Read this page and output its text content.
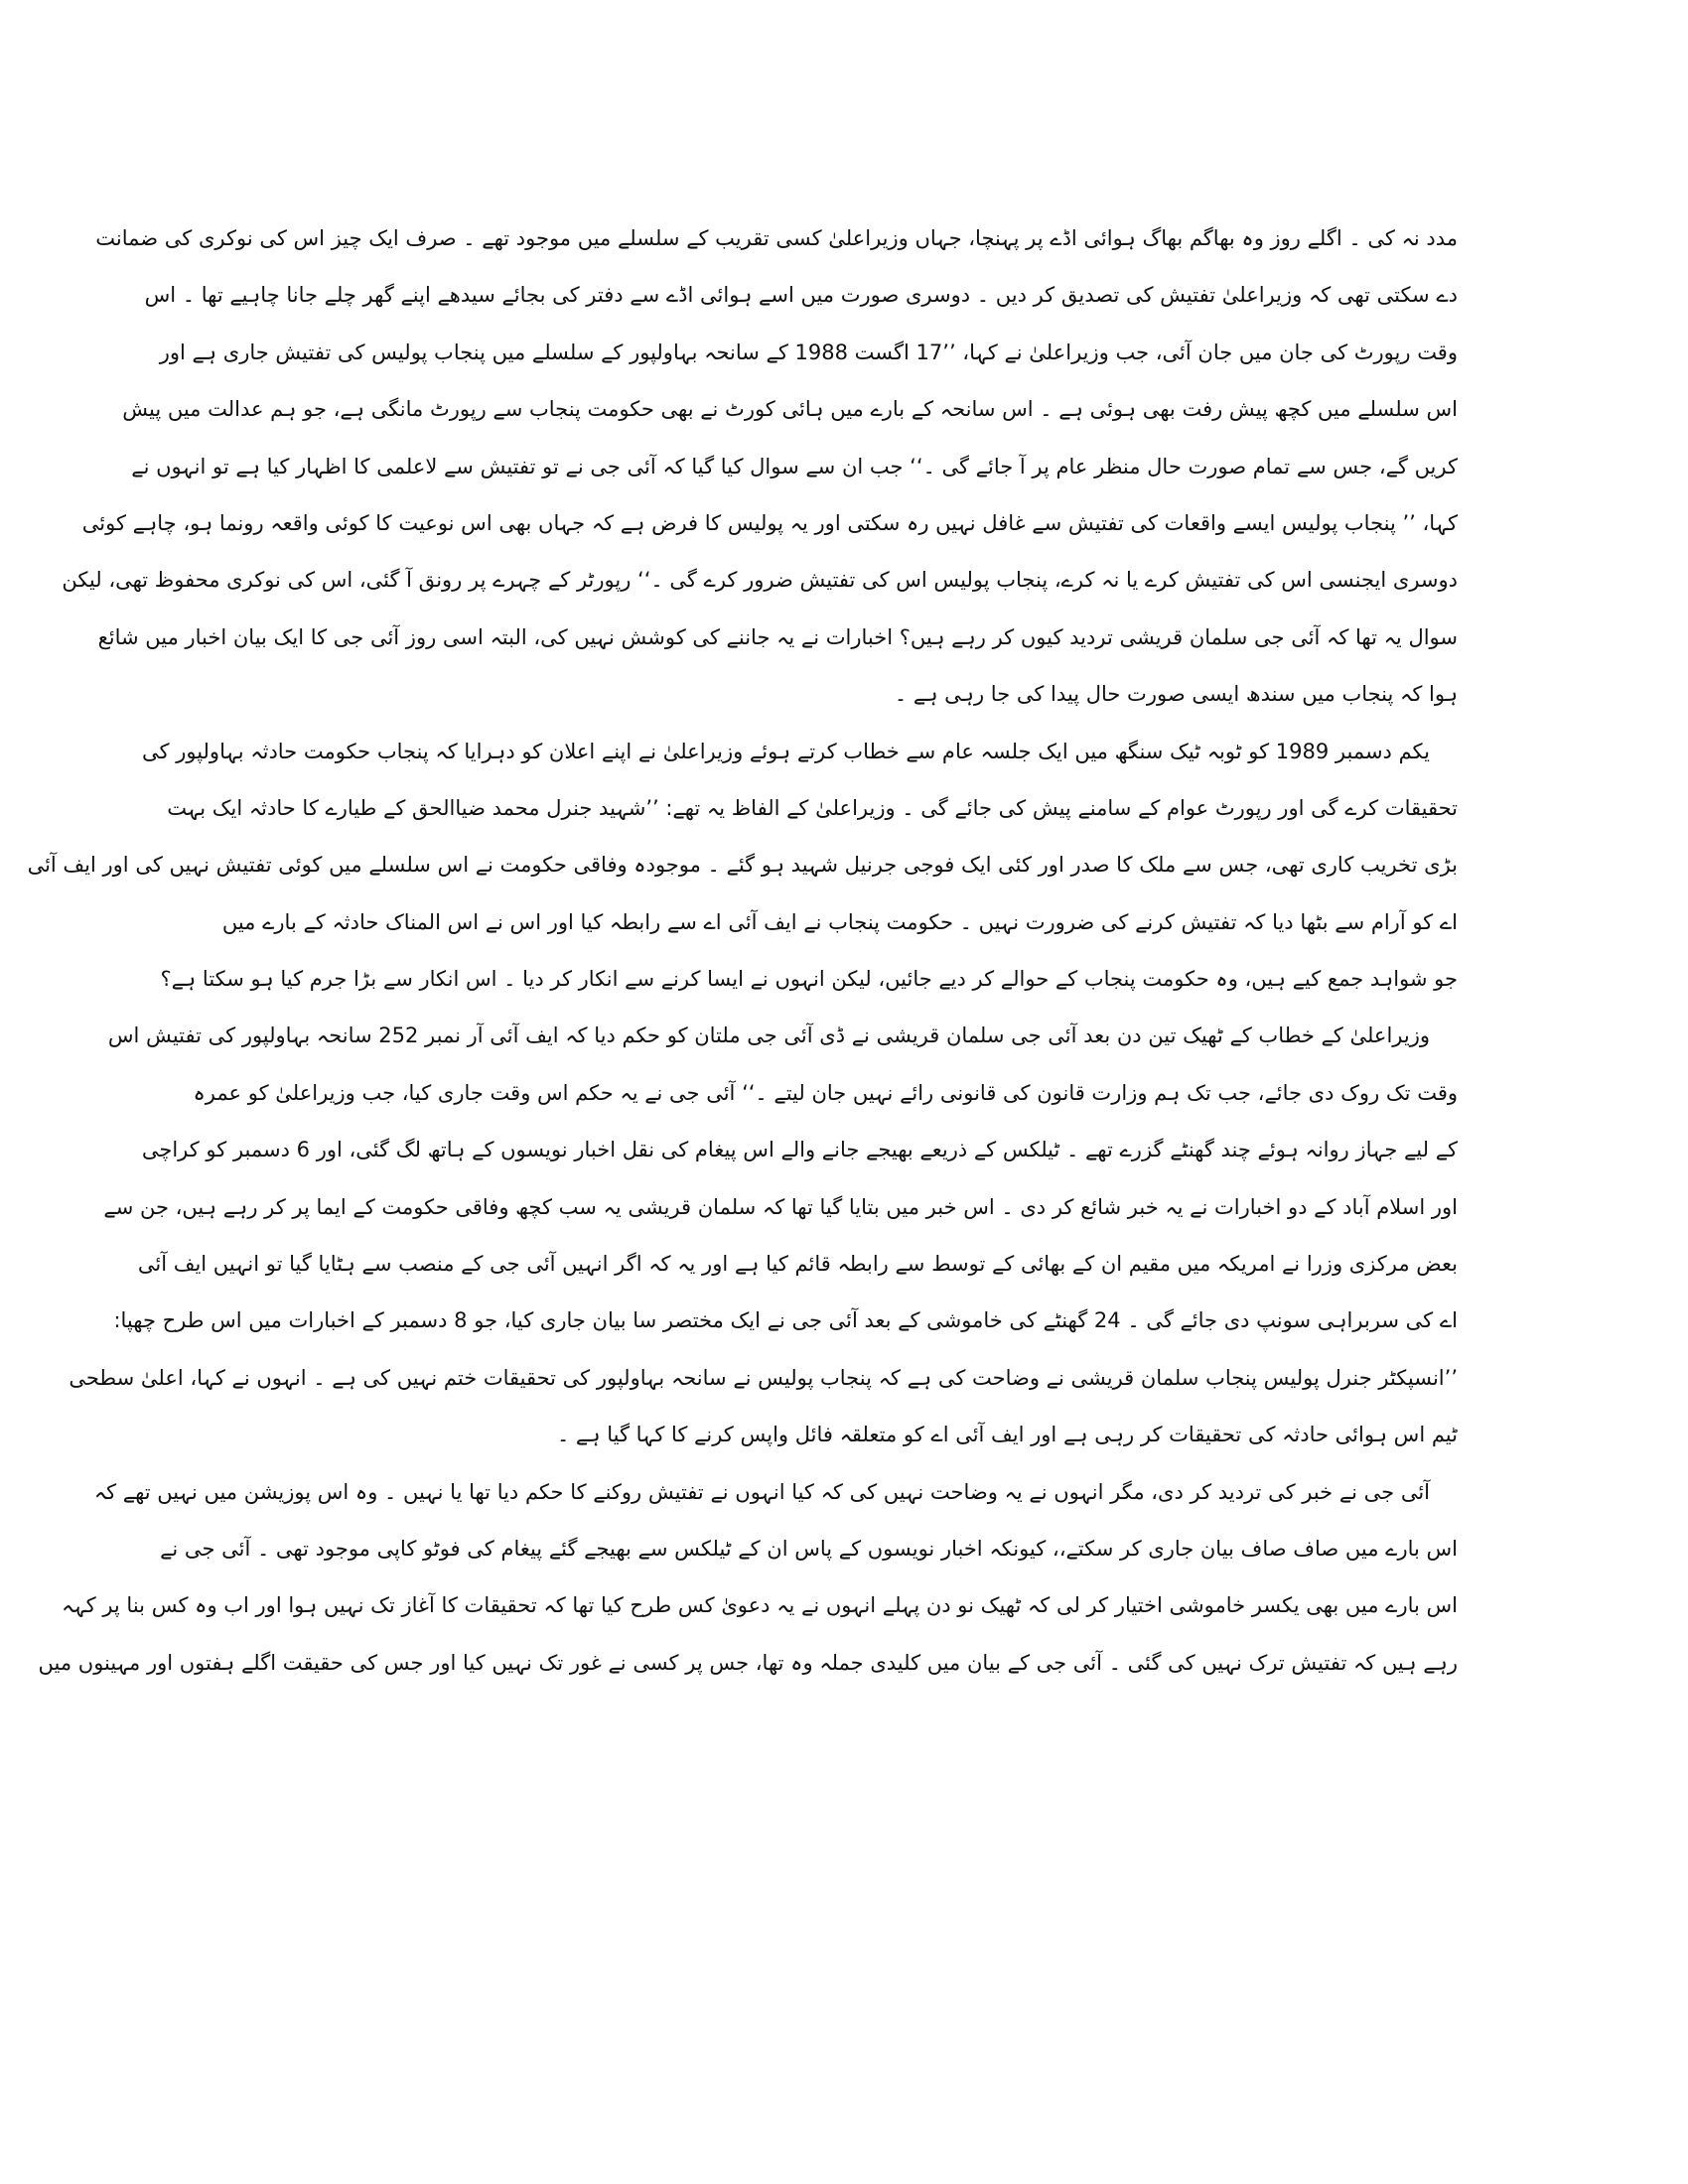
مدد نہ کی ۔ اگلے روز وہ بھاگم بھاگ ہوائی اڈے پر پہنچا، جہاں وزیراعلیٰ کسی تقریب کے سلسلے میں موجود تھے ۔ صرف ایک چیز اس کی نوکری کی ضمانت
دے سکتی تھی کہ وزیراعلیٰ تفتیش کی تصدیق کر دیں ۔ دوسری صورت میں اسے ہوائی اڈے سے دفتر کی بجائے سیدھے اپنے گھر چلے جانا چاہیے تھا ۔ اس
وقت رپورٹ کی جان میں جان آئی، جب وزیراعلیٰ نے کہا، ’’17 اگست 1988 کے سانحہ بہاولپور کے سلسلے میں پنجاب پولیس کی تفتیش جاری ہے اور
اس سلسلے میں کچھ پیش رفت بھی ہوئی ہے ۔ اس سانحہ کے بارے میں ہائی کورٹ نے بھی حکومت پنجاب سے رپورٹ مانگی ہے، جو ہم عدالت میں پیش
کریں گے، جس سے تمام صورت حال منظر عام پر آ جائے گی ۔‘‘ جب ان سے سوال کیا گیا کہ آئی جی نے تو تفتیش سے لاعلمی کا اظہار کیا ہے تو انہوں نے
کہا، ’’ پنجاب پولیس ایسے واقعات کی تفتیش سے غافل نہیں رہ سکتی اور یہ پولیس کا فرض ہے کہ جہاں بھی اس نوعیت کا کوئی واقعہ رونما ہو، چاہے کوئی
دوسری ایجنسی اس کی تفتیش کرے یا نہ کرے، پنجاب پولیس اس کی تفتیش ضرور کرے گی ۔‘‘ رپورٹر کے چہرے پر رونق آ گئی، اس کی نوکری محفوظ تھی، لیکن
سوال یہ تھا کہ آئی جی سلمان قریشی تردید کیوں کر رہے ہیں؟ اخبارات نے یہ جاننے کی کوشش نہیں کی، البتہ اسی روز آئی جی کا ایک بیان اخبار میں شائع
ہوا کہ پنجاب میں سندھ ایسی صورت حال پیدا کی جا رہی ہے ۔
یکم دسمبر 1989 کو ٹوبہ ٹیک سنگھ میں ایک جلسہ عام سے خطاب کرتے ہوئے وزیراعلیٰ نے اپنے اعلان کو دہرایا کہ پنجاب حکومت حادثہ بہاولپور کی
تحقیقات کرے گی اور رپورٹ عوام کے سامنے پیش کی جائے گی ۔ وزیراعلیٰ کے الفاظ یہ تھے: ’’شہید جنرل محمد ضیاالحق کے طیارے کا حادثہ ایک بہت
بڑی تخریب کاری تھی، جس سے ملک کا صدر اور کئی ایک فوجی جرنیل شہید ہو گئے ۔ موجودہ وفاقی حکومت نے اس سلسلے میں کوئی تفتیش نہیں کی اور ایف آئی
اے کو آرام سے بٹھا دیا کہ تفتیش کرنے کی ضرورت نہیں ۔ حکومت پنجاب نے ایف آئی اے سے رابطہ کیا اور اس نے اس المناک حادثہ کے بارے میں
جو شواہد جمع کیے ہیں، وہ حکومت پنجاب کے حوالے کر دیے جائیں، لیکن انہوں نے ایسا کرنے سے انکار کر دیا ۔ اس انکار سے بڑا جرم کیا ہو سکتا ہے؟
وزیراعلیٰ کے خطاب کے ٹھیک تین دن بعد آئی جی سلمان قریشی نے ڈی آئی جی ملتان کو حکم دیا کہ ایف آئی آر نمبر 252 سانحہ بہاولپور کی تفتیش اس
وقت تک روک دی جائے، جب تک ہم وزارت قانون کی قانونی رائے نہیں جان لیتے ۔‘‘ آئی جی نے یہ حکم اس وقت جاری کیا، جب وزیراعلیٰ کو عمرہ
کے لیے جہاز روانہ ہوئے چند گھنٹے گزرے تھے ۔ ٹیلکس کے ذریعے بھیجے جانے والے اس پیغام کی نقل اخبار نویسوں کے ہاتھ لگ گئی، اور 6 دسمبر کو کراچی
اور اسلام آباد کے دو اخبارات نے یہ خبر شائع کر دی ۔ اس خبر میں بتایا گیا تھا کہ سلمان قریشی یہ سب کچھ وفاقی حکومت کے ایما پر کر رہے ہیں، جن سے
بعض مرکزی وزرا نے امریکہ میں مقیم ان کے بھائی کے توسط سے رابطہ قائم کیا ہے اور یہ کہ اگر انہیں آئی جی کے منصب سے ہٹایا گیا تو انہیں ایف آئی
اے کی سربراہی سونپ دی جائے گی ۔ 24 گھنٹے کی خاموشی کے بعد آئی جی نے ایک مختصر سا بیان جاری کیا، جو 8 دسمبر کے اخبارات میں اس طرح چھپا:
’’انسپکٹر جنرل پولیس پنجاب سلمان قریشی نے وضاحت کی ہے کہ پنجاب پولیس نے سانحہ بہاولپور کی تحقیقات ختم نہیں کی ہے ۔ انہوں نے کہا، اعلیٰ سطحی
ٹیم اس ہوائی حادثہ کی تحقیقات کر رہی ہے اور ایف آئی اے کو متعلقہ فائل واپس کرنے کا کہا گیا ہے ۔
آئی جی نے خبر کی تردید کر دی، مگر انہوں نے یہ وضاحت نہیں کی کہ کیا انہوں نے تفتیش روکنے کا حکم دیا تھا یا نہیں ۔ وہ اس پوزیشن میں نہیں تھے کہ
اس بارے میں صاف صاف بیان جاری کر سکتے،، کیونکہ اخبار نویسوں کے پاس ان کے ٹیلکس سے بھیجے گئے پیغام کی فوٹو کاپی موجود تھی ۔ آئی جی نے
اس بارے میں بھی یکسر خاموشی اختیار کر لی کہ ٹھیک نو دن پہلے انہوں نے یہ دعویٰ کس طرح کیا تھا کہ تحقیقات کا آغاز تک نہیں ہوا اور اب وہ کس بنا پر کہہ
رہے ہیں کہ تفتیش ترک نہیں کی گئی ۔ آئی جی کے بیان میں کلیدی جملہ وہ تھا، جس پر کسی نے غور تک نہیں کیا اور جس کی حقیقت اگلے ہفتوں اور مہینوں میں
